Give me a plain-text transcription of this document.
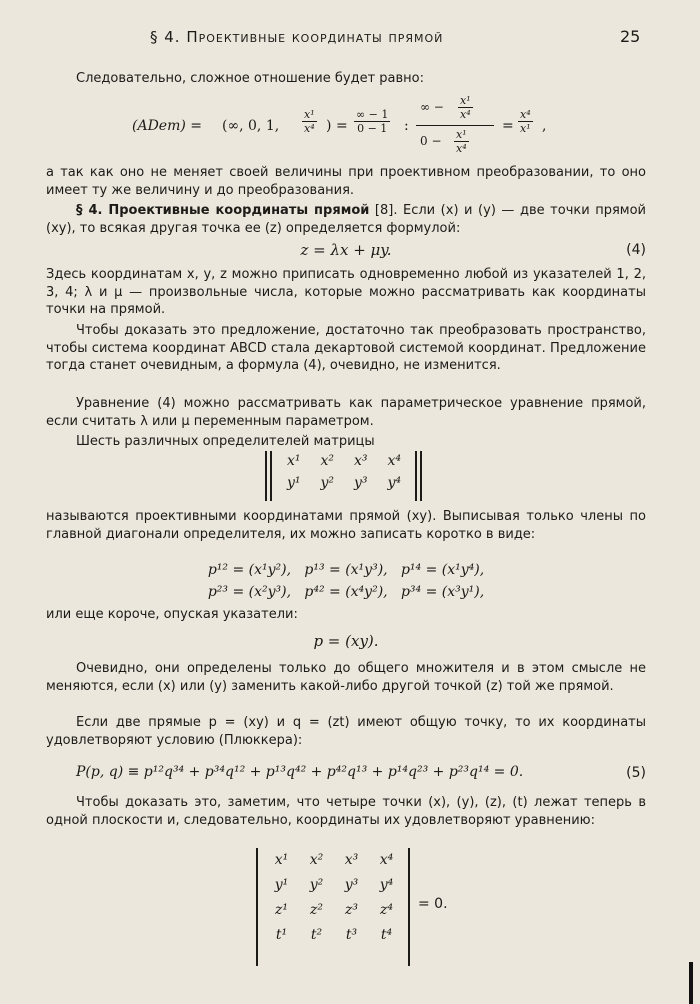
§ 4. Проективные координаты прямой	25
Следовательно, сложное отношение будет равно:
(ADem) = (∞, 0, 1, $\frac{\text{x¹}}{\text{x⁴}}$ ) = $\frac{\infty - 1}{0 - 1}$ :
∞ − $\frac{\text{x¹}}{\text{x⁴}}$
$0 - \frac{\text{x¹}}{\text{x⁴}}$
= $\frac{\text{x⁴}}{\text{x¹}}$ ,
а так как оно не меняет своей величины при проективном преобразовании, то оно имеет ту же величину и до преобразования.
§ 4. Проективные координаты прямой [8]. Если (x) и (y) — две точки прямой (xy), то всякая другая точка ее (z) определяется формулой:
z = λx + μy.	(4)
Здесь координатам x, y, z можно приписать одновременно любой из указателей 1, 2, 3, 4; λ и μ — произвольные числа, которые можно рассматривать как координаты точки на прямой.
Чтобы доказать это предложение, достаточно так преобразовать пространство, чтобы система координат ABCD стала декартовой системой координат. Предложение тогда станет очевидным, а формула (4), очевидно, не изменится.
Уравнение (4) можно рассматривать как параметрическое уравнение прямой, если считать λ или μ переменным параметром.
Шесть различных определителей матрицы
x¹	x²	x³	x⁴
y¹	y²	y³	y⁴
называются проективными координатами прямой (xy). Выписывая только члены по главной диагонали определителя, их можно записать коротко в виде:
p¹² = (x¹y²),   p¹³ = (x¹y³),   p¹⁴ = (x¹y⁴),
p²³ = (x²y³),   p⁴² = (x⁴y²),   p³⁴ = (x³y¹),
или еще короче, опуская указатели:
p = (xy).
Очевидно, они определены только до общего множителя и в этом смысле не меняются, если (x) или (y) заменить какой-либо другой точкой (z) той же прямой.
Если две прямые p = (xy) и q = (zt) имеют общую точку, то их координаты удовлетворяют условию (Плюккера):
P(p, q) ≡ p¹²q³⁴ + p³⁴q¹² + p¹³q⁴² + p⁴²q¹³ + p¹⁴q²³ + p²³q¹⁴ = 0.	(5)
Чтобы доказать это, заметим, что четыре точки (x), (y), (z), (t) лежат теперь в одной плоскости и, следовательно, координаты их удовлетворяют уравнению:
x¹	x²	x³	x⁴
y¹	y²	y³	y⁴
z¹	z²	z³	z⁴
t¹	t²	t³	t⁴
= 0.
